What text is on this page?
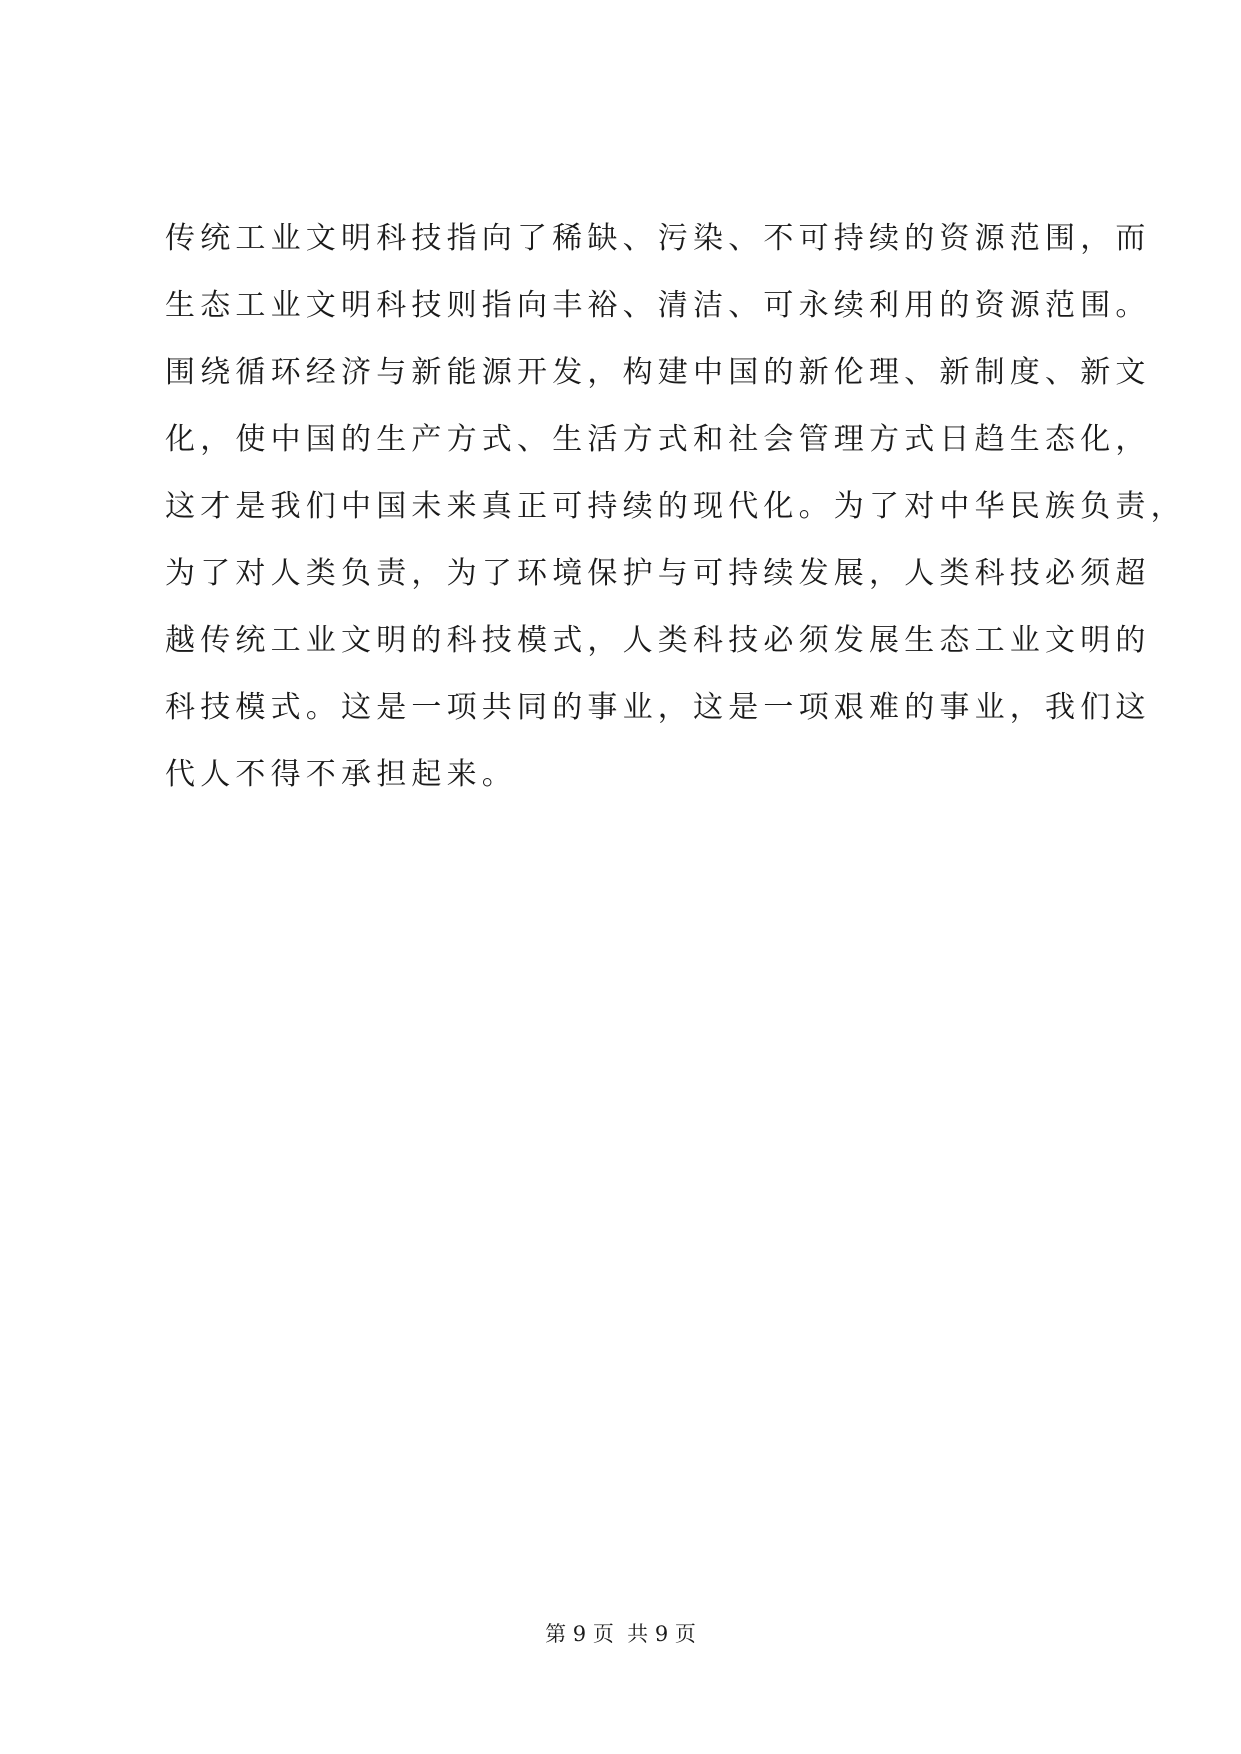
传统工业文明科技指向了稀缺、污染、不可持续的资源范围，而
生态工业文明科技则指向丰裕、清洁、可永续利用的资源范围。
围绕循环经济与新能源开发，构建中国的新伦理、新制度、新文
化，使中国的生产方式、生活方式和社会管理方式日趋生态化，
这才是我们中国未来真正可持续的现代化。为了对中华民族负责，
为了对人类负责，为了环境保护与可持续发展，人类科技必须超
越传统工业文明的科技模式，人类科技必须发展生态工业文明的
科技模式。这是一项共同的事业，这是一项艰难的事业，我们这
代人不得不承担起来。
第 9 页  共 9 页
